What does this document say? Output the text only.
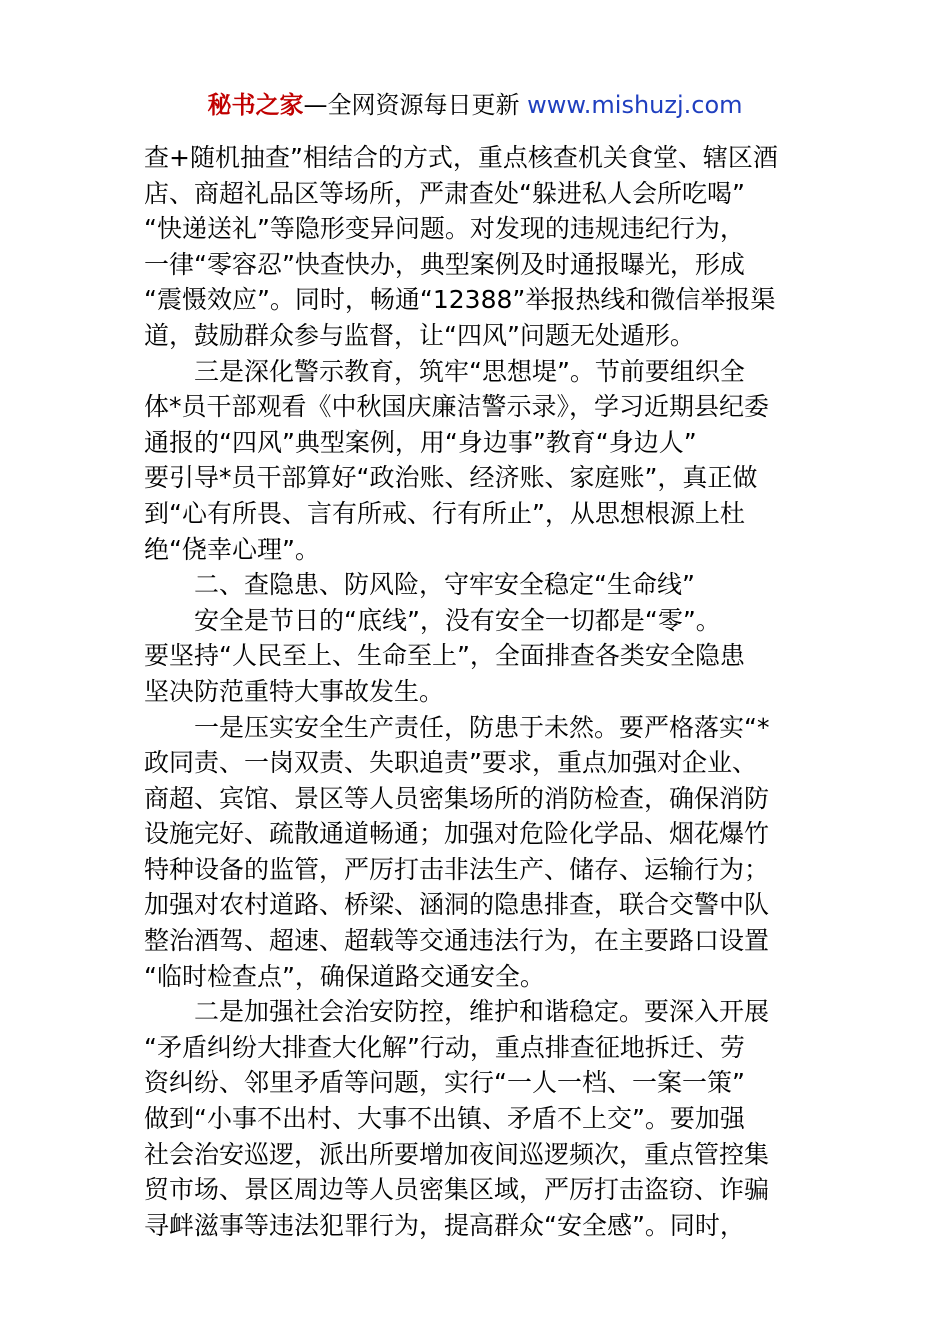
秘书之家—全网资源每日更新 www.mishuzj.com
查+随机抽查”相结合的方式，重点核查机关食堂、辖区酒
店、商超礼品区等场所，严肃查处“躲进私人会所吃喝”
“快递送礼”等隐形变异问题。对发现的违规违纪行为，
一律“零容忍”快查快办，典型案例及时通报曝光，形成
“震慑效应”。同时，畅通“12388”举报热线和微信举报渠
道，鼓励群众参与监督，让“四风”问题无处遁形。
三是深化警示教育，筑牢“思想堤”。节前要组织全
体*员干部观看《中秋国庆廉洁警示录》，学习近期县纪委
通报的“四风”典型案例，用“身边事”教育“身边人”
要引导*员干部算好“政治账、经济账、家庭账”，真正做
到“心有所畏、言有所戒、行有所止”，从思想根源上杜
绝“侥幸心理”。
二、查隐患、防风险，守牢安全稳定“生命线”
安全是节日的“底线”，没有安全一切都是“零”。
要坚持“人民至上、生命至上”，全面排查各类安全隐患
坚决防范重特大事故发生。
一是压实安全生产责任，防患于未然。要严格落实“*
政同责、一岗双责、失职追责”要求，重点加强对企业、
商超、宾馆、景区等人员密集场所的消防检查，确保消防
设施完好、疏散通道畅通；加强对危险化学品、烟花爆竹
特种设备的监管，严厉打击非法生产、储存、运输行为；
加强对农村道路、桥梁、涵洞的隐患排查，联合交警中队
整治酒驾、超速、超载等交通违法行为，在主要路口设置
“临时检查点”，确保道路交通安全。
二是加强社会治安防控，维护和谐稳定。要深入开展
“矛盾纠纷大排查大化解”行动，重点排查征地拆迁、劳
资纠纷、邻里矛盾等问题，实行“一人一档、一案一策”
做到“小事不出村、大事不出镇、矛盾不上交”。要加强
社会治安巡逻，派出所要增加夜间巡逻频次，重点管控集
贸市场、景区周边等人员密集区域，严厉打击盗窃、诈骗
寻衅滋事等违法犯罪行为，提高群众“安全感”。同时，
